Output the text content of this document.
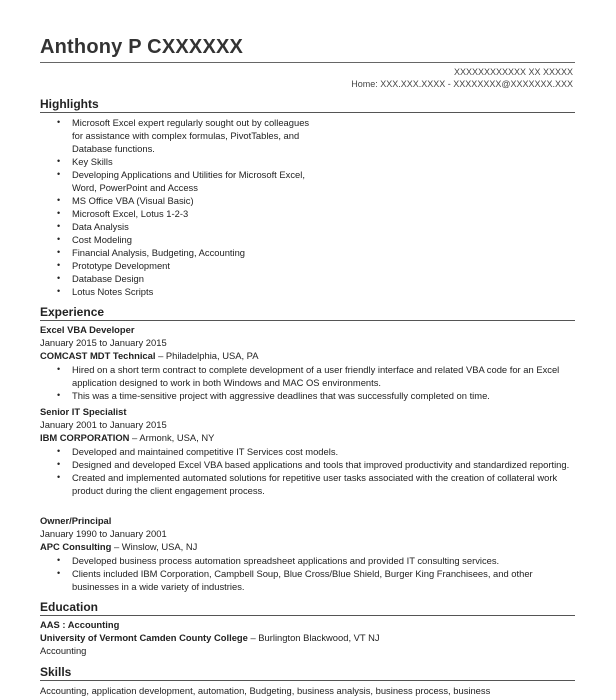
Anthony P CXXXXXX
XXXXXXXXXXXX XX XXXXX
Home: XXX.XXX.XXXX - XXXXXXXX@XXXXXXX.XXX
Highlights
• Microsoft Excel expert regularly sought out by colleagues for assistance with complex formulas, PivotTables, and Database functions.
• Key Skills
• Developing Applications and Utilities for Microsoft Excel, Word, PowerPoint and Access
• MS Office VBA (Visual Basic)
• Microsoft Excel, Lotus 1-2-3
• Data Analysis
• Cost Modeling
• Financial Analysis, Budgeting, Accounting
• Prototype Development
• Database Design
• Lotus Notes Scripts
Experience
Excel VBA Developer
January 2015 to January 2015
COMCAST MDT Technical – Philadelphia, USA, PA
• Hired on a short term contract to complete development of a user friendly interface and related VBA code for an Excel application designed to work in both Windows and MAC OS environments.
• This was a time-sensitive project with aggressive deadlines that was successfully completed on time.
Senior IT Specialist
January 2001 to January 2015
IBM CORPORATION – Armonk, USA, NY
• Developed and maintained competitive IT Services cost models.
• Designed and developed Excel VBA based applications and tools that improved productivity and standardized reporting.
• Created and implemented automated solutions for repetitive user tasks associated with the creation of collateral work product during the client engagement process.
Owner/Principal
January 1990 to January 2001
APC Consulting – Winslow, USA, NJ
• Developed business process automation spreadsheet applications and provided IT consulting services.
• Clients included IBM Corporation, Campbell Soup, Blue Cross/Blue Shield, Burger King Franchisees, and other businesses in a wide variety of industries.
Education
AAS : Accounting
University of Vermont Camden County College – Burlington Blackwood, VT NJ
Accounting
Skills
Accounting, application development, automation, Budgeting, business analysis, business process, business
